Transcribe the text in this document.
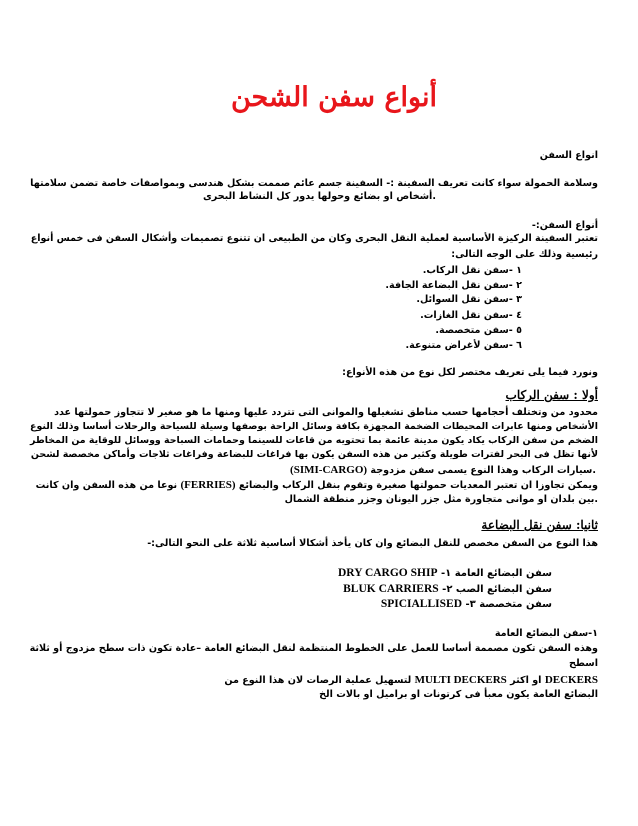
أنواع سفن الشحن
انواع السفن
وسلامة الحمولة سواء كانت تعريف السفينة :- السفينة جسم عائم صممت بشكل هندسى وبمواصفات خاصة تضمن سلامتها
.أشخاص او بضائع وحولها يدور كل النشاط البحرى
أنواع السفن:-
تعتبر السفينة الركيزة الأساسية لعملية النقل البحرى وكان من الطبيعى ان تتنوع تصميمات وأشكال السفن فى خمس أنواع
رئيسية وذلك على الوجه التالى:
١ -سفن نقل الركاب.
٢ -سفن نقل البضاعة الجافة.
٣ -سفن نقل السوائل.
٤ -سفن نقل الغازات.
٥ -سفن متخصصة.
٦ -سفن لأغراض متنوعة.
ونورد فيما يلى تعريف مختصر لكل نوع من هذه الأنواع:
أولا : سفن الركاب
محدود من وتختلف أحجامها حسب مناطق تشغيلها والموانى التى تتردد عليها ومنها ما هو صغير لا تتجاوز حمولتها عدد
الأشخاص ومنها عابرات المحيطات الضخمة المجهزة بكافة وسائل الراحة بوصفها وسيلة للسياحة والرحلات أساسا وذلك النوع
الضخم من سفن الركاب يكاد يكون مدينة عائمة بما تحتويه من قاعات للسينما وحمامات السباحة ووسائل للوقاية من المخاطر
لأنها تظل فى البحر لفترات طويلة وكثير من هذه السفن يكون بها فراغات للبضاعة وفراغات ثلاجات وأماكن مخصصة لشحن
.سيارات الركاب وهذا النوع يسمى سفن مزدوجة (SIMI-CARGO)
ويمكن تجاوزا ان تعتبر المعديات حمولتها صغيرة وتقوم بنقل الركاب والبضائع (FERRIES) نوعا من هذه السفن وان كانت
.بين بلدان او موانى متجاورة مثل جزر اليونان وجزر منطقة الشمال
ثانيا: سفن نقل البضاعة
هذا النوع من السفن مخصص للنقل البضائع وان كان يأخذ أشكالا أساسية ثلاثة على النحو التالى:-
سفن البضائع العامة ١- DRY CARGO SHIP
سفن البضائع الصب ٢- BLUK CARRIERS
سفن متخصصة ٣- SPICIALLISED
١-سفن البضائع العامة
وهذه السفن تكون مصممة أساسا للعمل على الخطوط المنتظمة لنقل البضائع العامة –عادة تكون ذات سطح مزدوج أو ثلاثة
اسطح
DECKERS او اكثر MULTI DECKERS لتسهيل عملية الرصات لان هذا النوع من
البضائع العامة يكون معبأ فى كرتونات او براميل او بالات الخ
